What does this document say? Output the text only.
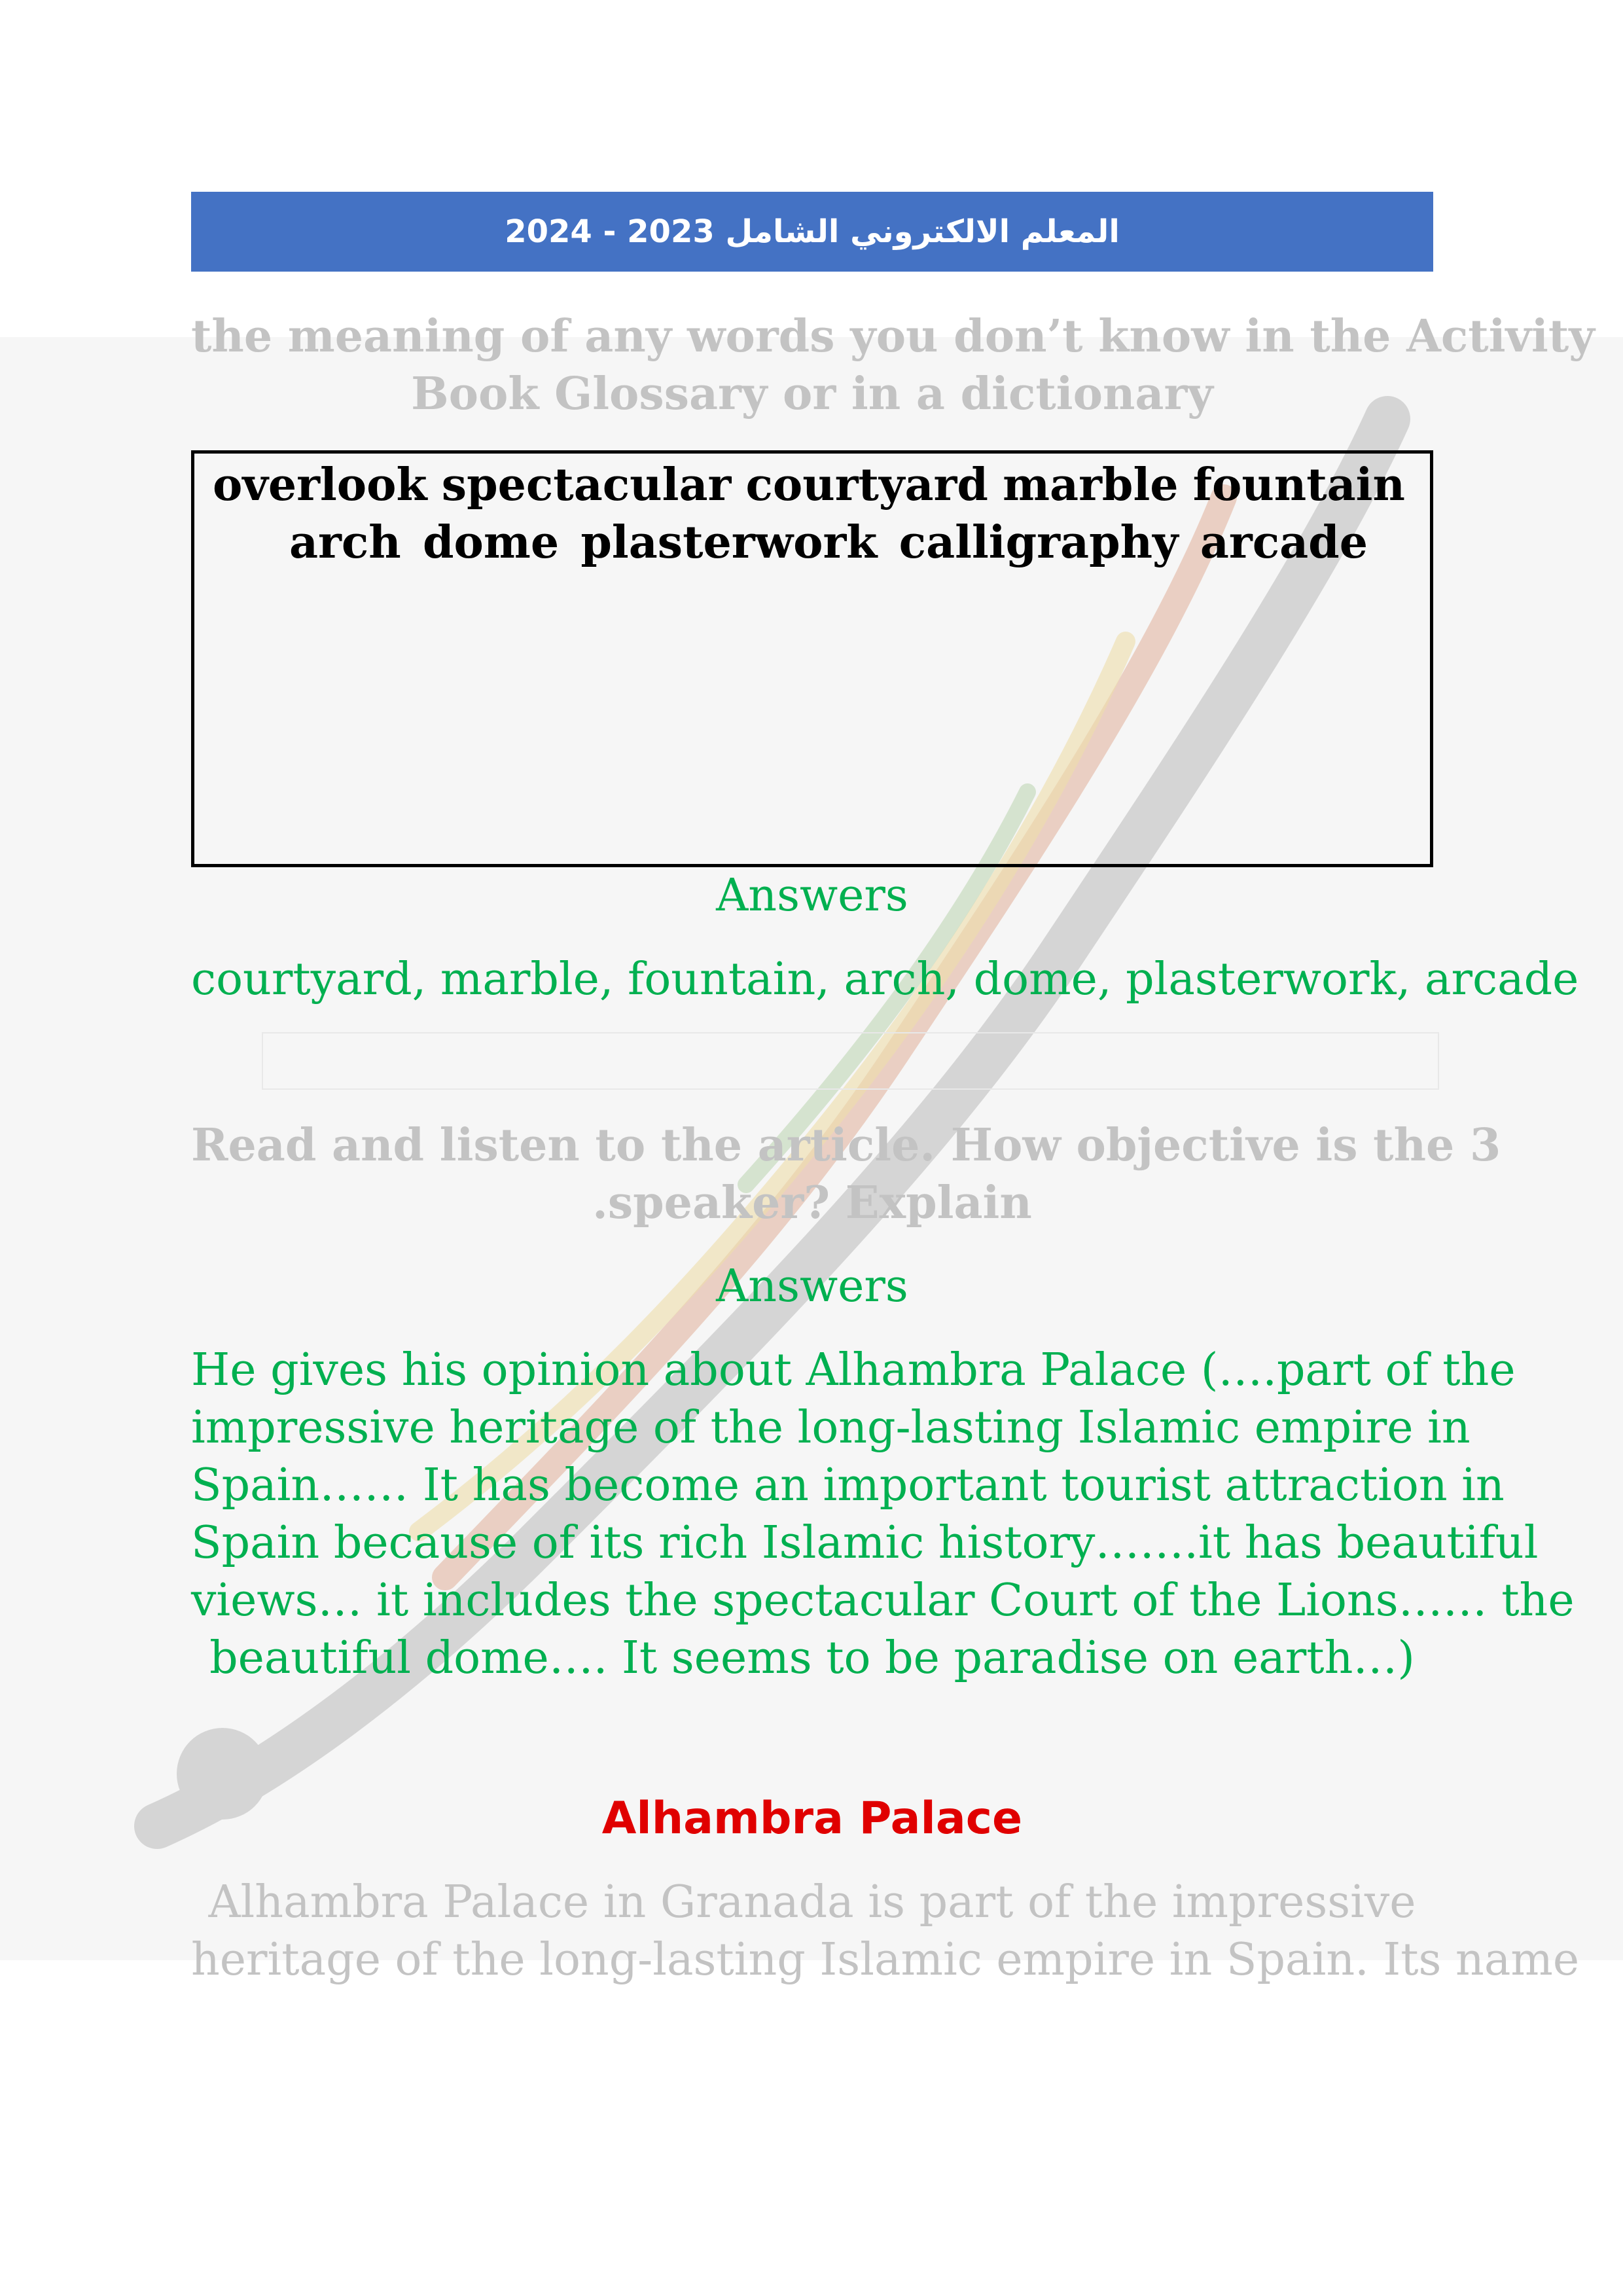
المعلم الالكتروني الشامل 2023 - 2024
the meaning of any words you don’t know in the Activity
Book Glossary or in a dictionary
overlook spectacular courtyard marble fountain
arch dome plasterwork calligraphy arcade
Answers
courtyard, marble, fountain, arch, dome, plasterwork, arcade
Read and listen to the article. How objective is the 3
.speaker? Explain
Answers
He gives his opinion about Alhambra Palace (….part of the
impressive heritage of the long-lasting Islamic empire in
Spain…… It has become an important tourist attraction in
Spain because of its rich Islamic history…….it has beautiful
views… it includes the spectacular Court of the Lions…… the
beautiful dome…. It seems to be paradise on earth…)
Alhambra Palace
Alhambra Palace in Granada is part of the impressive
heritage of the long-lasting Islamic empire in Spain. Its name
